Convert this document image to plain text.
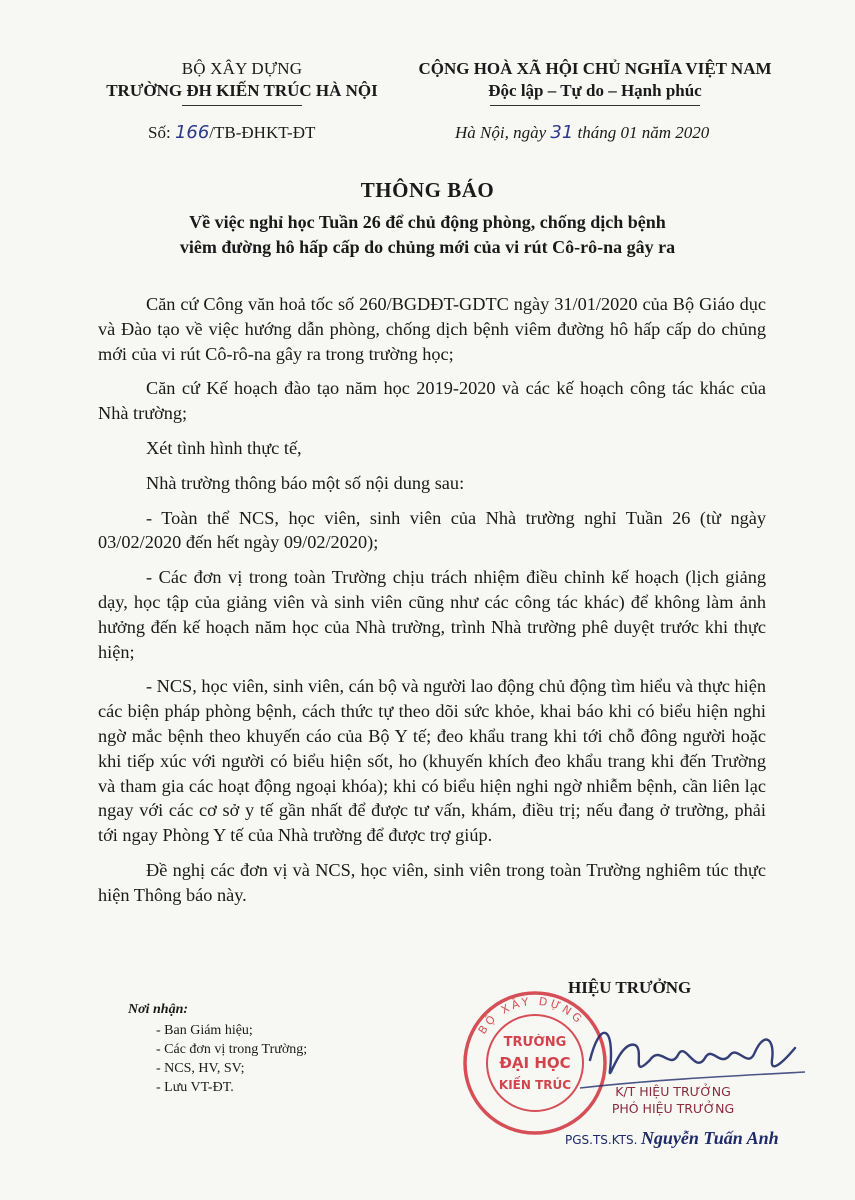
BỘ XÂY DỰNG
TRƯỜNG ĐH KIẾN TRÚC HÀ NỘI
CỘNG HOÀ XÃ HỘI CHỦ NGHĨA VIỆT NAM
Độc lập – Tự do – Hạnh phúc
Số: 166/TB-ĐHKT-ĐT	Hà Nội, ngày 31 tháng 01 năm 2020
THÔNG BÁO
Về việc nghỉ học Tuần 26 để chủ động phòng, chống dịch bệnh
viêm đường hô hấp cấp do chủng mới của vi rút Cô-rô-na gây ra

Căn cứ Công văn hoả tốc số 260/BGDĐT-GDTC ngày 31/01/2020 của Bộ Giáo dục và Đào tạo về việc hướng dẫn phòng, chống dịch bệnh viêm đường hô hấp cấp do chủng mới của vi rút Cô-rô-na gây ra trong trường học;

Căn cứ Kế hoạch đào tạo năm học 2019-2020 và các kế hoạch công tác khác của Nhà trường;

Xét tình hình thực tế,

Nhà trường thông báo một số nội dung sau:

- Toàn thể NCS, học viên, sinh viên của Nhà trường nghỉ Tuần 26 (từ ngày 03/02/2020 đến hết ngày 09/02/2020);

- Các đơn vị trong toàn Trường chịu trách nhiệm điều chỉnh kế hoạch (lịch giảng dạy, học tập của giảng viên và sinh viên cũng như các công tác khác) để không làm ảnh hưởng đến kế hoạch năm học của Nhà trường, trình Nhà trường phê duyệt trước khi thực hiện;

- NCS, học viên, sinh viên, cán bộ và người lao động chủ động tìm hiểu và thực hiện các biện pháp phòng bệnh, cách thức tự theo dõi sức khỏe, khai báo khi có biểu hiện nghi ngờ mắc bệnh theo khuyến cáo của Bộ Y tế; đeo khẩu trang khi tới chỗ đông người hoặc khi tiếp xúc với người có biểu hiện sốt, ho (khuyến khích đeo khẩu trang khi đến Trường và tham gia các hoạt động ngoại khóa); khi có biểu hiện nghi ngờ nhiễm bệnh, cần liên lạc ngay với các cơ sở y tế gần nhất để được tư vấn, khám, điều trị; nếu đang ở trường, phải tới ngay Phòng Y tế của Nhà trường để được trợ giúp.

Đề nghị các đơn vị và NCS, học viên, sinh viên trong toàn Trường nghiêm túc thực hiện Thông báo này.

HIỆU TRƯỞNG
Nơi nhận:
- Ban Giám hiệu;
- Các đơn vị trong Trường;
- NCS, HV, SV;
- Lưu VT-ĐT.
BỘ XÂY DỰNG
TRƯỜNG
ĐẠI HỌC
KIẾN TRÚC	K/T HIỆU TRƯỞNG
PHÓ HIỆU TRƯỞNG
PGS.TS.KTS. Nguyễn Tuấn Anh
